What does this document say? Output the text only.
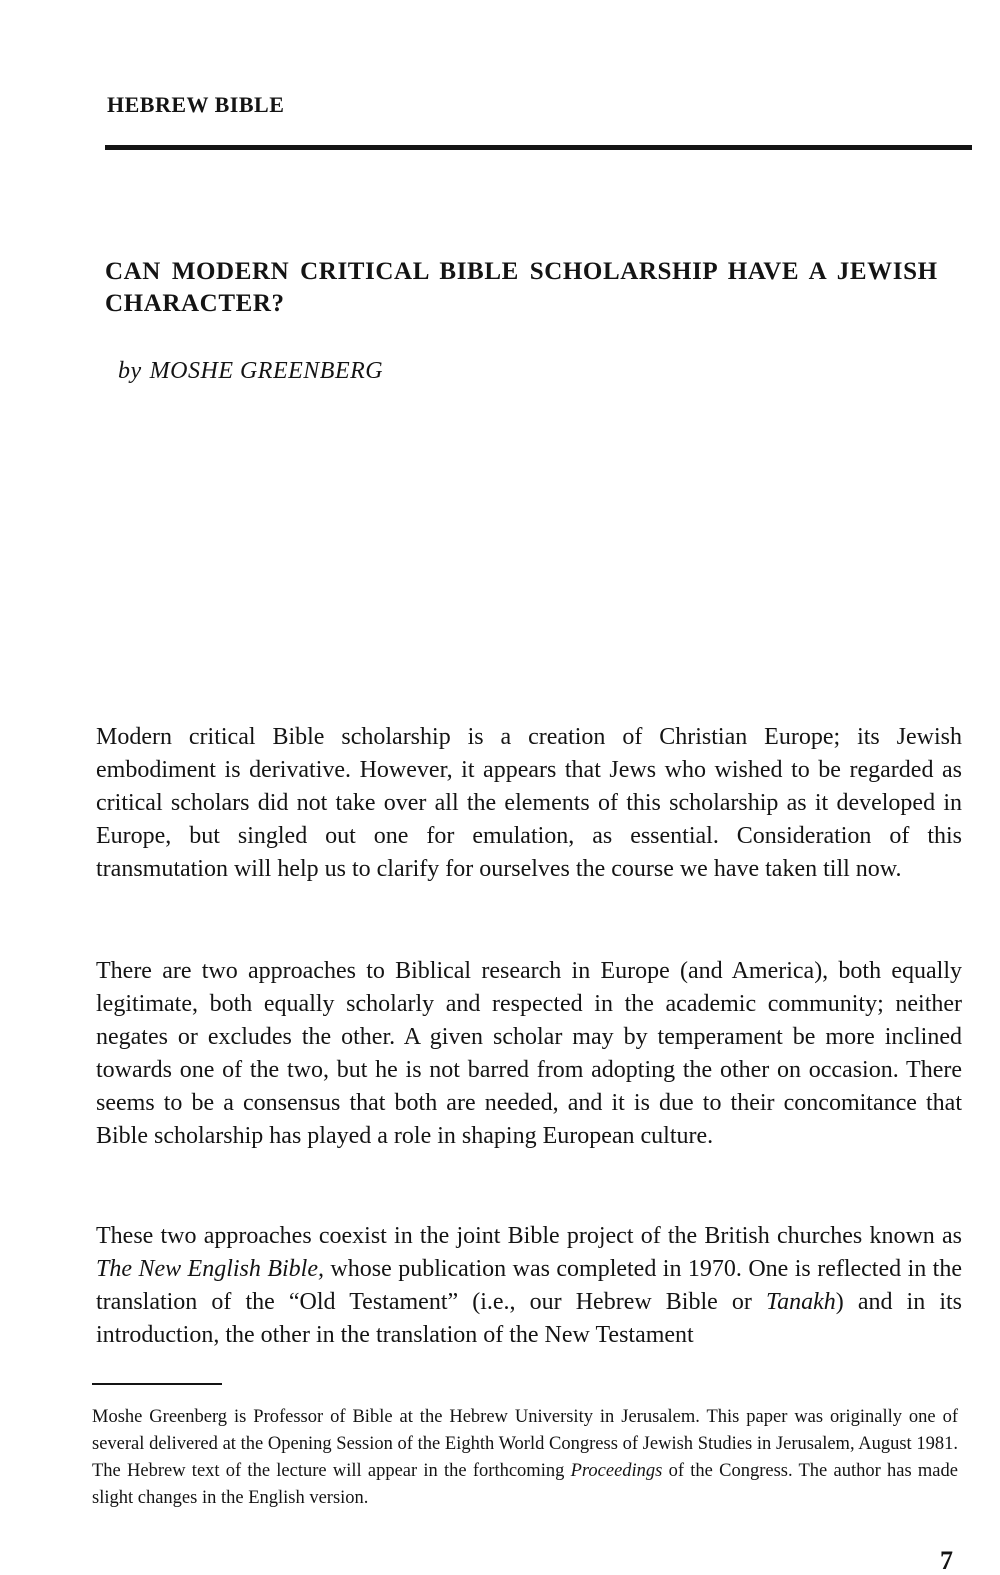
HEBREW BIBLE
CAN MODERN CRITICAL BIBLE SCHOLARSHIP HAVE A JEWISH CHARACTER?

by MOSHE GREENBERG

Modern critical Bible scholarship is a creation of Christian Europe; its Jewish embodiment is derivative. However, it appears that Jews who wished to be regarded as critical scholars did not take over all the elements of this scholarship as it developed in Europe, but singled out one for emulation, as essential. Consideration of this transmutation will help us to clarify for ourselves the course we have taken till now.

There are two approaches to Biblical research in Europe (and America), both equally legitimate, both equally scholarly and respected in the academic community; neither negates or excludes the other. A given scholar may by temperament be more inclined towards one of the two, but he is not barred from adopting the other on occasion. There seems to be a consensus that both are needed, and it is due to their concomitance that Bible scholarship has played a role in shaping European culture.

These two approaches coexist in the joint Bible project of the British churches known as The New English Bible, whose publication was completed in 1970. One is reflected in the translation of the “Old Testament” (i.e., our Hebrew Bible or Tanakh) and in its introduction, the other in the translation of the New Testament

Moshe Greenberg is Professor of Bible at the Hebrew University in Jerusalem. This paper was originally one of several delivered at the Opening Session of the Eighth World Congress of Jewish Studies in Jerusalem, August 1981. The Hebrew text of the lecture will appear in the forthcoming Proceedings of the Congress. The author has made slight changes in the English version.

7
